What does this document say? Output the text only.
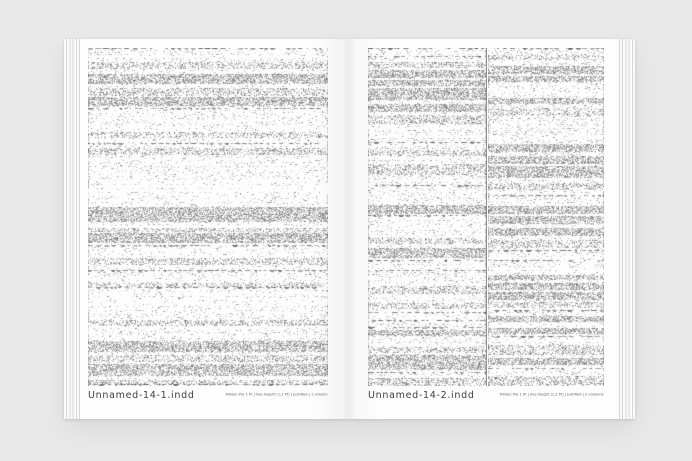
Unnamed-14-1.indd	Minion Pro 1 Pt | line-height (1,2 Pt) | justified | 1 column	Unnamed-14-2.indd	Minion Pro 1 Pt | line-height (1,2 Pt) | justified | 2 columns
